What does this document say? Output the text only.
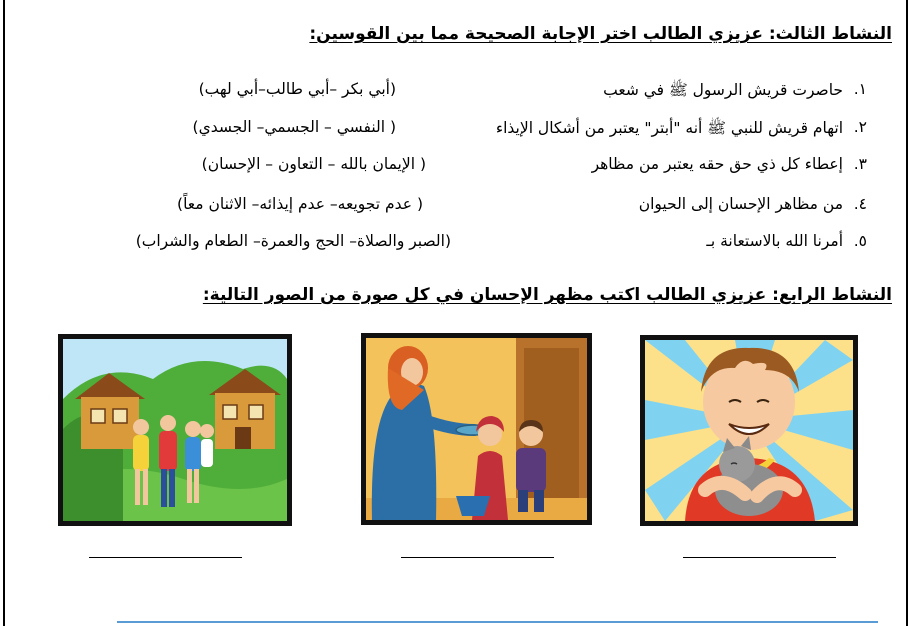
النشاط الثالث: عزيزي الطالب اختر الإجابة الصحيحة مما بين القوسين:
١.
حاصرت قريش الرسول ﷺ في شعب
(أبي بكر –أبي طالب–أبي لهب)
٢.
اتهام قريش للنبي ﷺ أنه "أبتر" يعتبر من أشكال الإيذاء
( النفسي – الجسمي– الجسدي)
٣.
إعطاء كل ذي حق حقه يعتبر من مظاهر
( الإيمان بالله – التعاون – الإحسان)
٤.
من مظاهر الإحسان إلى الحيوان
( عدم تجويعه– عدم إيذائه– الاثنان معاً)
٥.
أمرنا الله بالاستعانة بـ
(الصبر والصلاة– الحج والعمرة– الطعام والشراب)
النشاط الرابع: عزيزي الطالب اكتب مظهر الإحسان في كل صورة من الصور التالية:
